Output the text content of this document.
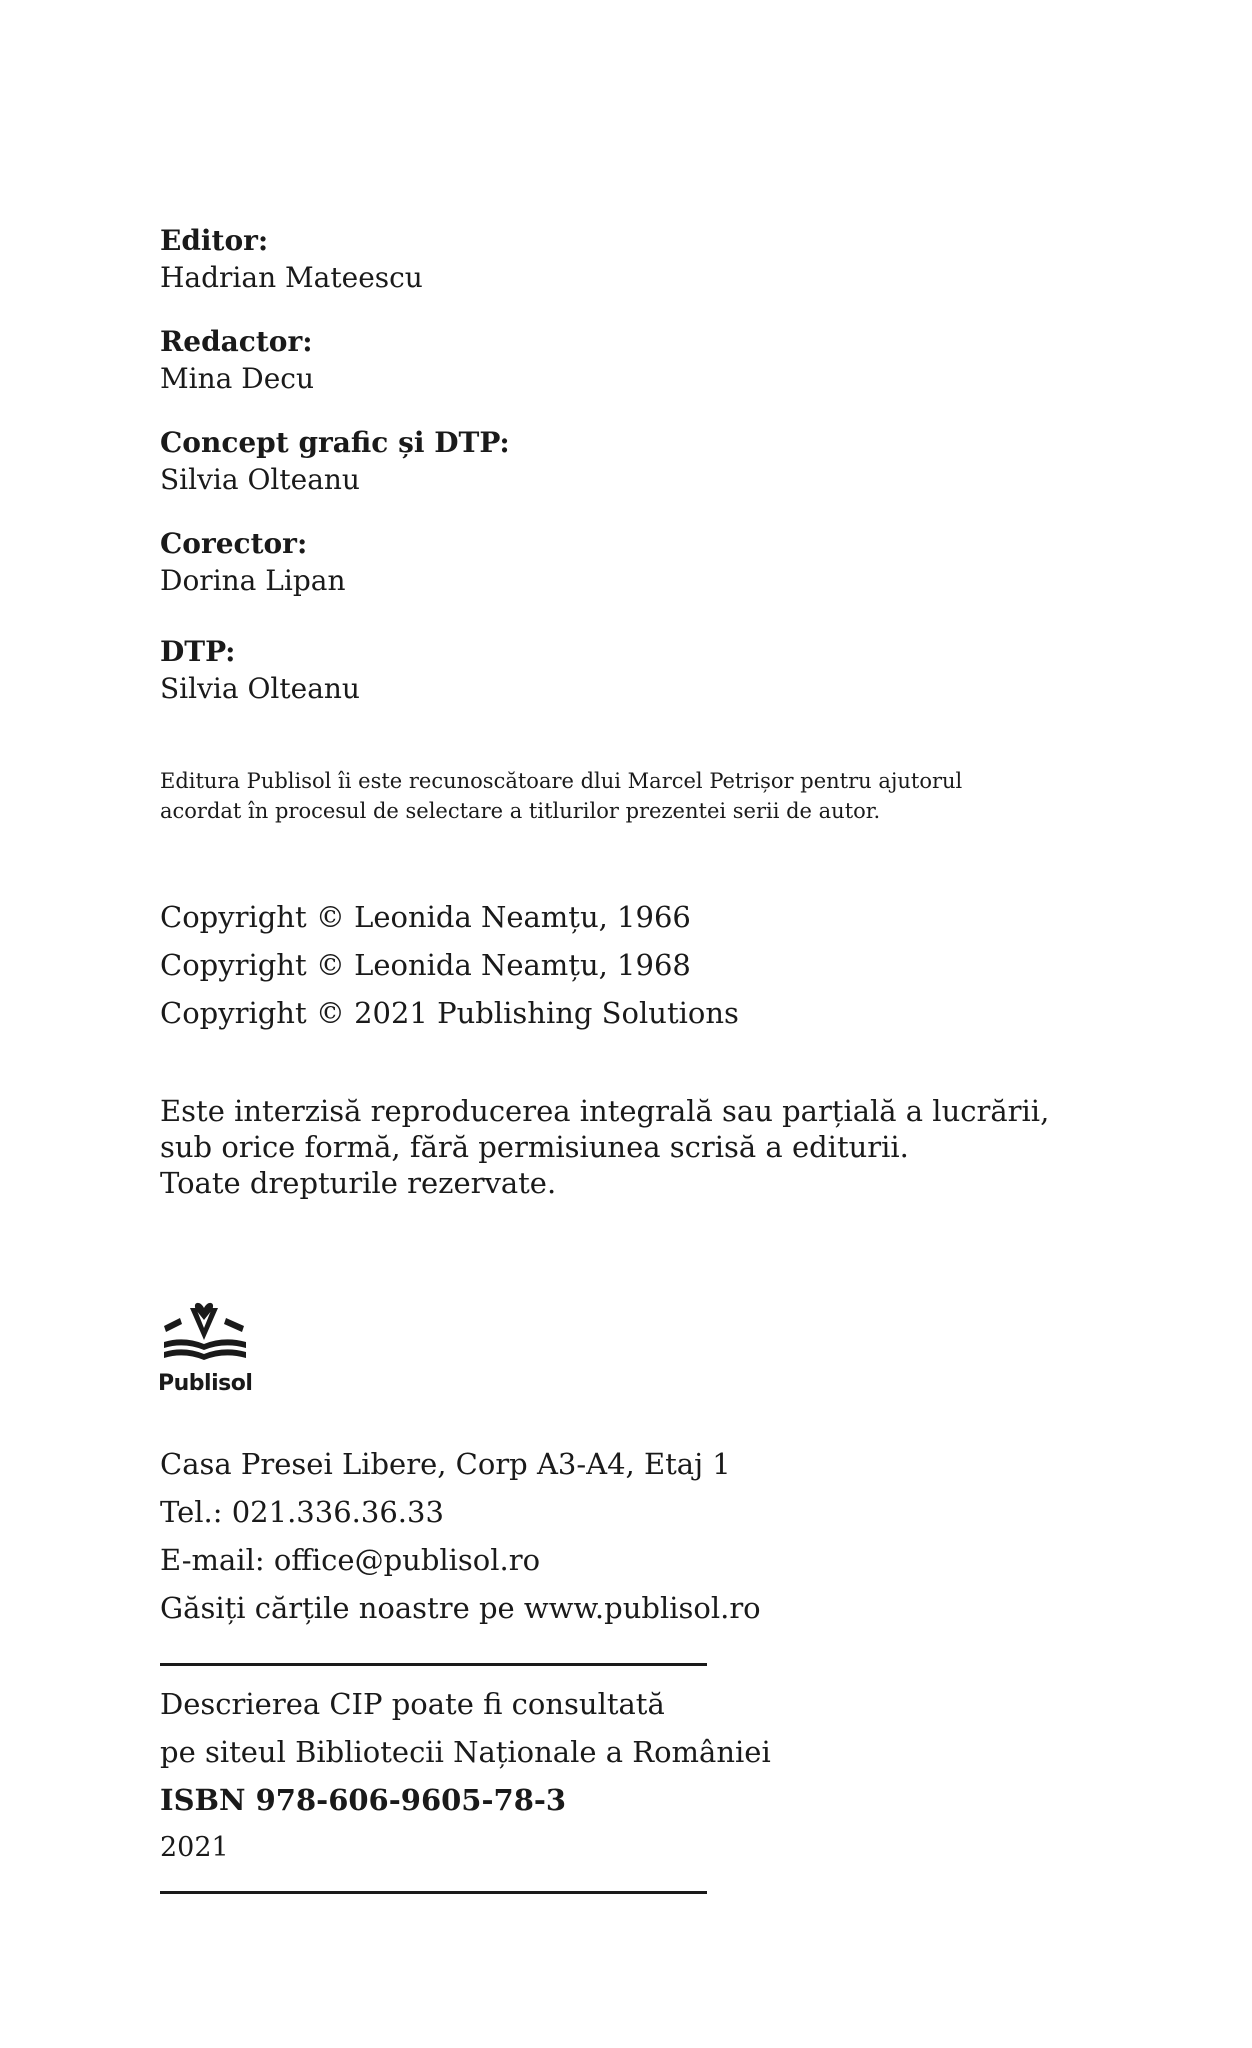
Editor:
Hadrian Mateescu
Redactor:
Mina Decu
Concept grafic și DTP:
Silvia Olteanu
Corector:
Dorina Lipan
DTP:
Silvia Olteanu
Editura Publisol îi este recunoscătoare dlui Marcel Petrișor pentru ajutorul acordat în procesul de selectare a titlurilor prezentei serii de autor.
Copyright © Leonida Neamțu, 1966
Copyright © Leonida Neamțu, 1968
Copyright © 2021 Publishing Solutions
Este interzisă reproducerea integrală sau parțială a lucrării,
sub orice formă, fără permisiunea scrisă a editurii.
Toate drepturile rezervate.
Publisol
Casa Presei Libere, Corp A3-A4, Etaj 1
Tel.: 021.336.36.33
E-mail: office@publisol.ro
Găsiți cărțile noastre pe www.publisol.ro
Descrierea CIP poate fi consultată
pe siteul Bibliotecii Naționale a României
ISBN 978-606-9605-78-3
2021
